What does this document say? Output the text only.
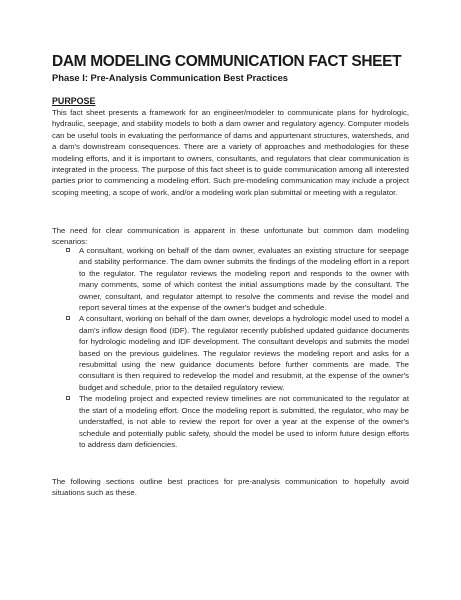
DAM MODELING COMMUNICATION FACT SHEET
Phase I: Pre-Analysis Communication Best Practices
PURPOSE

This fact sheet presents a framework for an engineer/modeler to communicate plans for hydrologic, hydraulic, seepage, and stability models to both a dam owner and regulatory agency. Computer models can be useful tools in evaluating the performance of dams and appurtenant structures, watersheds, and a dam's downstream consequences. There are a variety of approaches and methodologies for these modeling efforts, and it is important to owners, consultants, and regulators that clear communication is integrated in the process. The purpose of this fact sheet is to guide communication among all interested parties prior to commencing a modeling effort. Such pre-modeling communication may include a project scoping meeting, a scope of work, and/or a modeling work plan submittal or meeting with a regulator.

The need for clear communication is apparent in these unfortunate but common dam modeling scenarios:

A consultant, working on behalf of the dam owner, evaluates an existing structure for seepage and stability performance. The dam owner submits the findings of the modeling effort in a report to the regulator. The regulator reviews the modeling report and responds to the owner with many comments, some of which contest the initial assumptions made by the consultant. The owner, consultant, and regulator attempt to resolve the comments and revise the model and report several times at the expense of the owner's budget and schedule.
A consultant, working on behalf of the dam owner, develops a hydrologic model used to model a dam's inflow design flood (IDF). The regulator recently published updated guidance documents for hydrologic modeling and IDF development. The consultant develops and submits the model based on the previous guidelines. The regulator reviews the modeling report and asks for a resubmittal using the new guidance documents before further comments are made. The consultant is then required to redevelop the model and resubmit, at the expense of the owner's budget and schedule, prior to the detailed regulatory review.
The modeling project and expected review timelines are not communicated to the regulator at the start of a modeling effort. Once the modeling report is submitted, the regulator, who may be understaffed, is not able to review the report for over a year at the expense of the owner's schedule and potentially public safety, should the model be used to inform future design efforts to address dam deficiencies.

The following sections outline best practices for pre-analysis communication to hopefully avoid situations such as these.
